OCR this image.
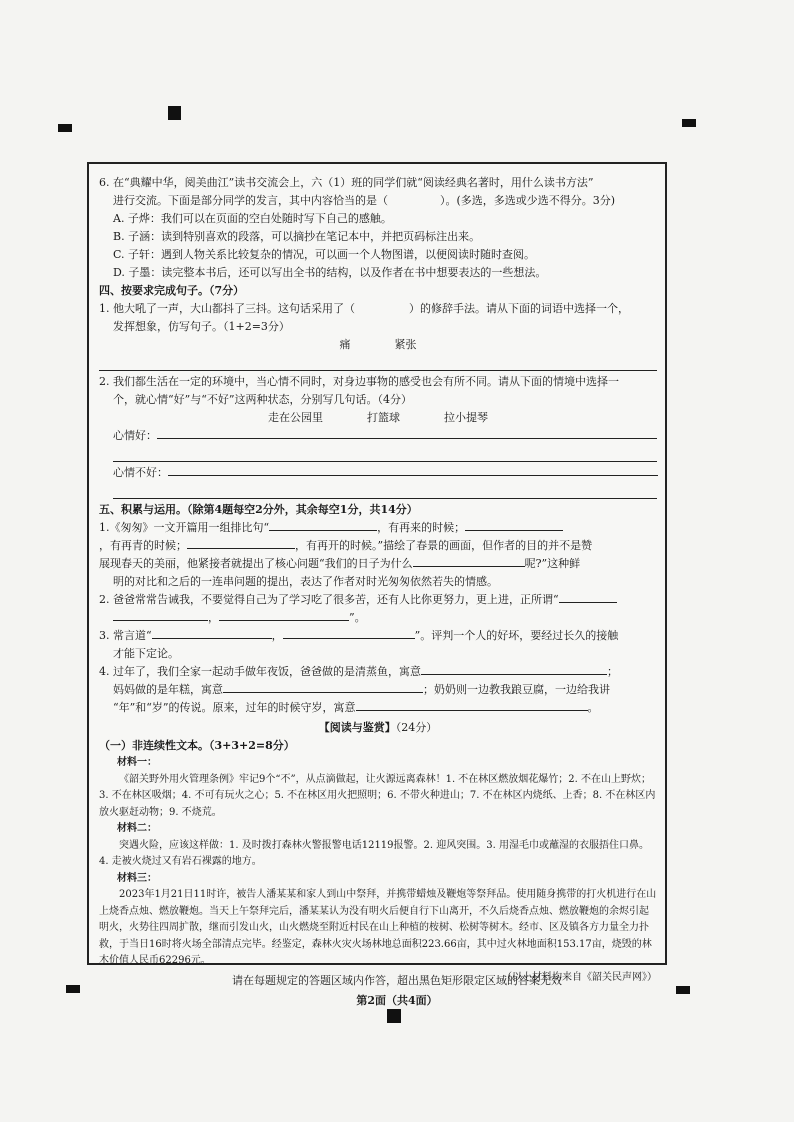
6. 在“典耀中华，阅美曲江”读书交流会上，六（1）班的同学们就“阅读经典名著时，用什么读书方法”
进行交流。下面是部分同学的发言，其中内容恰当的是（	）。(多选，多选或少选不得分。3分)
A. 子烨：我们可以在页面的空白处随时写下自己的感触。
B. 子涵：读到特别喜欢的段落，可以摘抄在笔记本中，并把页码标注出来。
C. 子轩：遇到人物关系比较复杂的情况，可以画一个人物图谱，以便阅读时随时查阅。
D. 子墨：读完整本书后，还可以写出全书的结构，以及作者在书中想要表达的一些想法。
四、按要求完成句子。（7分）
1. 他大吼了一声，大山都抖了三抖。这句话采用了（	）的修辞手法。请从下面的词语中选择一个，
发挥想象，仿写句子。（1+2=3分）
痛	紧张
2. 我们都生活在一定的环境中，当心情不同时，对身边事物的感受也会有所不同。请从下面的情境中选择一
个，就心情“好”与“不好”这两种状态，分别写几句话。（4分）
走在公园里	打篮球	拉小提琴
心情好：
心情不好：
五、积累与运用。（除第4题每空2分外，其余每空1分，共14分）
1.《匆匆》一文开篇用一组排比句“	，有再来的时候；
，有再青的时候；	，有再开的时候。”描绘了春景的画面，但作者的目的并不是赞
展现春天的美丽，他紧接者就提出了核心问题“我们的日子为什么	呢?”这种鲜
明的对比和之后的一连串问题的提出，表达了作者对时光匆匆依然若失的情感。
2. 爸爸常常告诫我，不要觉得自己为了学习吃了很多苦，还有人比你更努力，更上进，正所谓“
，	”。
3. 常言道“	，	”。评判一个人的好坏，要经过长久的接触
才能下定论。
4. 过年了，我们全家一起动手做年夜饭，爸爸做的是清蒸鱼，寓意	；
妈妈做的是年糕，寓意	；奶奶则一边教我踉豆腐，一边给我讲
“年”和“岁”的传说。原来，过年的时候守岁，寓意	。
【阅读与鉴赏】（24分）
（一）非连续性文本。（3+3+2=8分）
材料一：
《韶关野外用火管理条例》牢记9个“不”，从点滴做起，让火源远离森林！1. 不在林区燃放烟花爆竹；2. 不在山上野炊；3. 不在林区吸烟；4. 不可有玩火之心；5. 不在林区用火把照明；6. 不带火种进山；7. 不在林区内烧纸、上香；8. 不在林区内放火驱赶动物；9. 不烧荒。
材料二：
突遇火险，应该这样做：1. 及时拨打森林火警报警电话12119报警。2. 迎风突围。3. 用湿毛巾或蘸湿的衣服捂住口鼻。4. 走被火烧过又有岩石裸露的地方。
材料三：
2023年1月21日11时许，被告人潘某某和家人到山中祭拜，并携带蜡烛及鞭炮等祭拜品。使用随身携带的打火机进行在山上烧香点烛、燃放鞭炮。当天上午祭拜完后，潘某某认为没有明火后便自行下山离开，不久后烧香点烛、燃放鞭炮的余烬引起明火，火势往四周扩散，继而引发山火，山火燃烧至附近村民在山上种植的桉树、松树等树木。经市、区及镇各方力量全力扑救，于当日16时将火场全部清点完毕。经鉴定，森林火灾火场林地总面积223.66亩，其中过火林地面积153.17亩，烧毁的林木价值人民币62296元。
（以上材料均来自《韶关民声网》）
请在每题规定的答题区域内作答，超出黑色矩形限定区域的答案无效
第2面（共4面）
